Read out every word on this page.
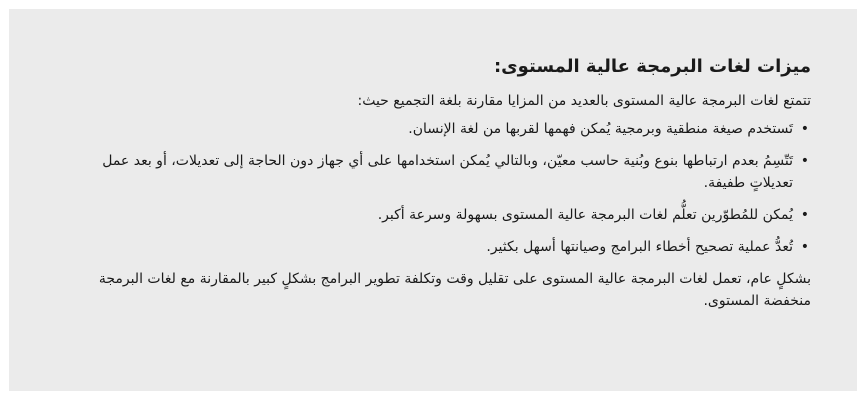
ميزات لغات البرمجة عالية المستوى:

تتمتع لغات البرمجة عالية المستوى بالعديد من المزايا مقارنة بلغة التجميع حيث:

•
تَستخدم صيغة منطقية وبرمجية يُمكن فهمها لقربها من لغة الإنسان.
•
تَتّسِمُ بعدم ارتباطها بنوع وبُنية حاسب معيّن، وبالتالي يُمكن استخدامها على أي جهاز دون الحاجة إلى تعديلات، أو بعد عمل تعديلاتٍ طفيفة.
•
يُمكن للمُطوّرين تعلُّم لغات البرمجة عالية المستوى بسهولة وسرعة أكبر.
•
تُعدُّ عملية تصحيح أخطاء البرامج وصيانتها أسهل بكثير.

بشكلٍ عام، تعمل لغات البرمجة عالية المستوى على تقليل وقت وتكلفة تطوير البرامج بشكلٍ كبير بالمقارنة مع لغات البرمجة منخفضة المستوى.
